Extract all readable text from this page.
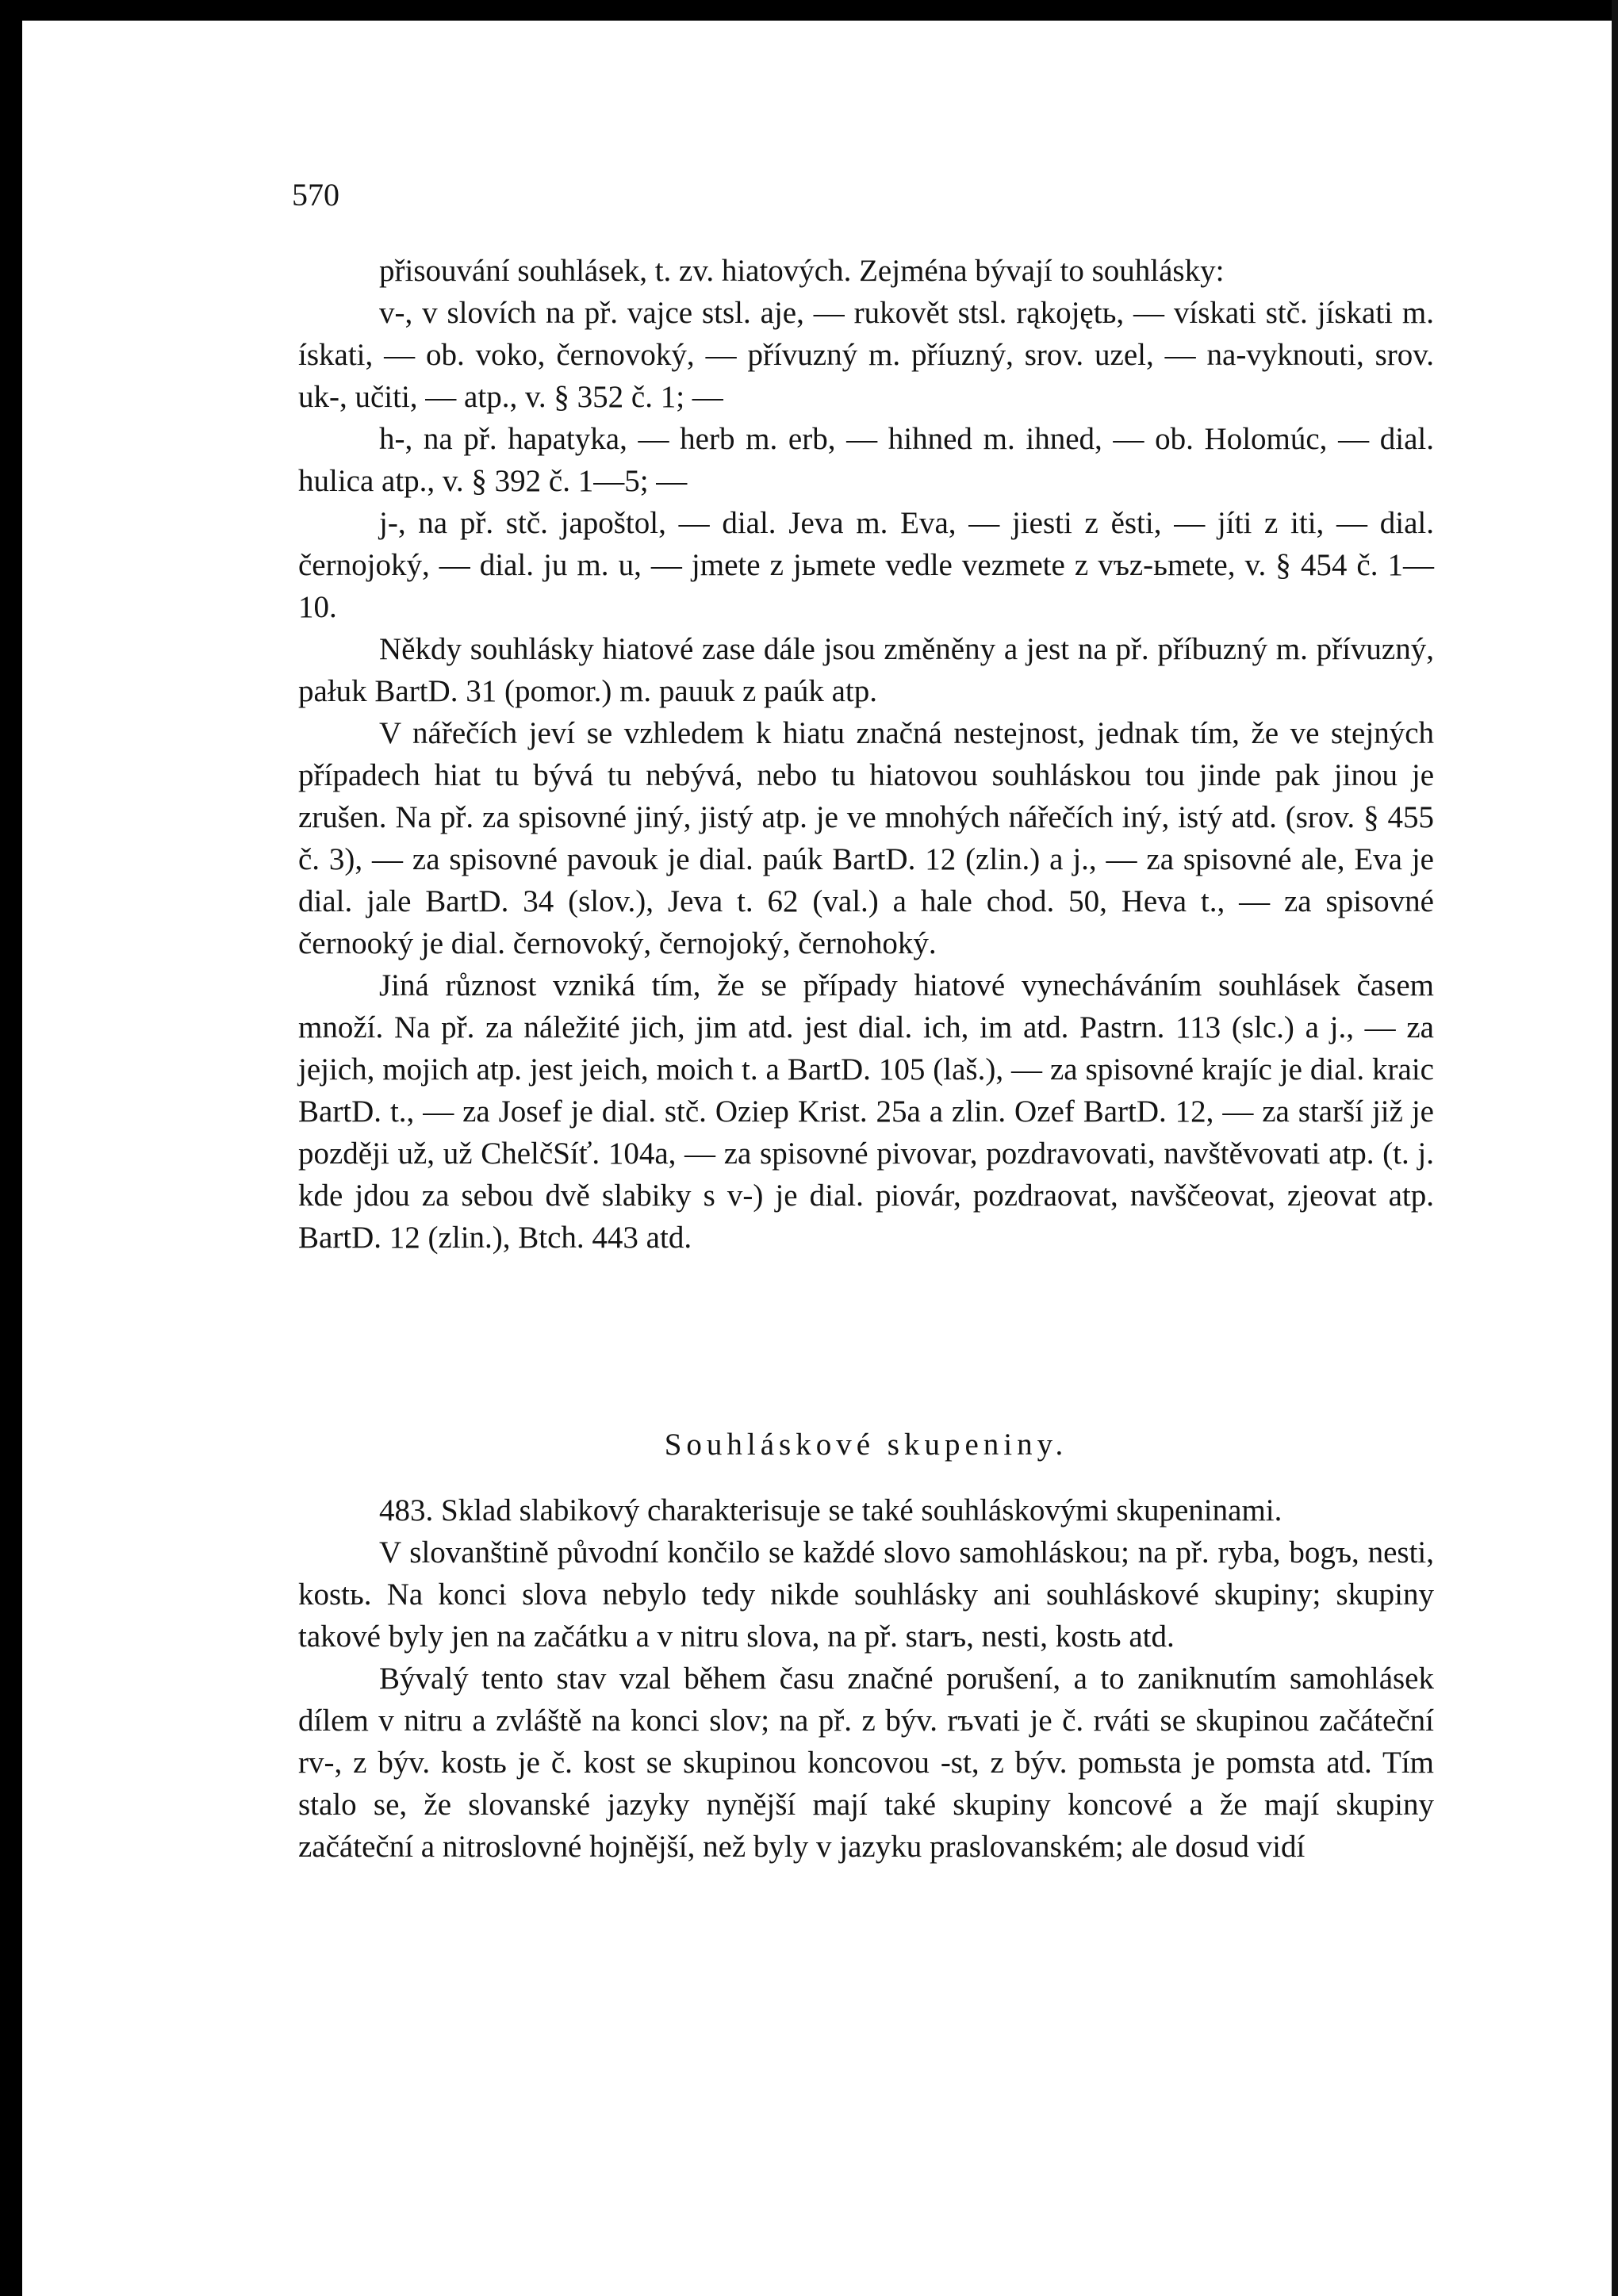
570

přisouvání souhlásek, t. zv. hiatových. Zejména bývají to souhlásky:

v-, v slovích na př. vajce stsl. aje, — rukovět stsl. rąkojętь, — vískati stč. jískati m. ískati, — ob. voko, černovoký, — přívuzný m. příuzný, srov. uzel, — na-vyknouti, srov. uk-, učiti, — atp., v. § 352 č. 1; —

h-, na př. hapatyka, — herb m. erb, — hihned m. ihned, — ob. Holomúc, — dial. hulica atp., v. § 392 č. 1—5; —

j-, na př. stč. japoštol, — dial. Jeva m. Eva, — jiesti z ěsti, — jíti z iti, — dial. černojoký, — dial. ju m. u, — jmete z jьmete vedle vezmete z vъz-ьmete, v. § 454 č. 1—10.

Někdy souhlásky hiatové zase dále jsou změněny a jest na př. příbuzný m. přívuzný, pałuk BartD. 31 (pomor.) m. pauuk z paúk atp.

V nářečích jeví se vzhledem k hiatu značná nestejnost, jednak tím, že ve stejných případech hiat tu bývá tu nebývá, nebo tu hiatovou souhláskou tou jinde pak jinou je zrušen. Na př. za spisovné jiný, jistý atp. je ve mnohých nářečích iný, istý atd. (srov. § 455 č. 3), — za spisovné pavouk je dial. paúk BartD. 12 (zlin.) a j., — za spisovné ale, Eva je dial. jale BartD. 34 (slov.), Jeva t. 62 (val.) a hale chod. 50, Heva t., — za spisovné černooký je dial. černovoký, černojoký, černohoký.

Jiná různost vzniká tím, že se případy hiatové vynecháváním souhlásek časem množí. Na př. za náležité jich, jim atd. jest dial. ich, im atd. Pastrn. 113 (slc.) a j., — za jejich, mojich atp. jest jeich, moich t. a BartD. 105 (laš.), — za spisovné krajíc je dial. kraic BartD. t., — za Josef je dial. stč. Oziep Krist. 25a a zlin. Ozef BartD. 12, — za starší již je později už, už ChelčSíť. 104a, — za spisovné pivovar, pozdravovati, navštěvovati atp. (t. j. kde jdou za sebou dvě slabiky s v-) je dial. piovár, pozdraovat, navščeovat, zjeovat atp. BartD. 12 (zlin.), Btch. 443 atd.

Souhláskové skupeniny.

483. Sklad slabikový charakterisuje se také souhláskovými skupeninami.

V slovanštině původní končilo se každé slovo samohláskou; na př. ryba, bogъ, nesti, kostь. Na konci slova nebylo tedy nikde souhlásky ani souhláskové skupiny; skupiny takové byly jen na začátku a v nitru slova, na př. starъ, nesti, kostь atd.

Bývalý tento stav vzal během času značné porušení, a to zaniknutím samohlásek dílem v nitru a zvláště na konci slov; na př. z býv. rъvati je č. rváti se skupinou začáteční rv-, z býv. kostь je č. kost se skupinou koncovou -st, z býv. pomьsta je pomsta atd. Tím stalo se, že slovanské jazyky nynější mají také skupiny koncové a že mají skupiny začáteční a nitroslovné hojnější, než byly v jazyku praslovanském; ale dosud vidí
